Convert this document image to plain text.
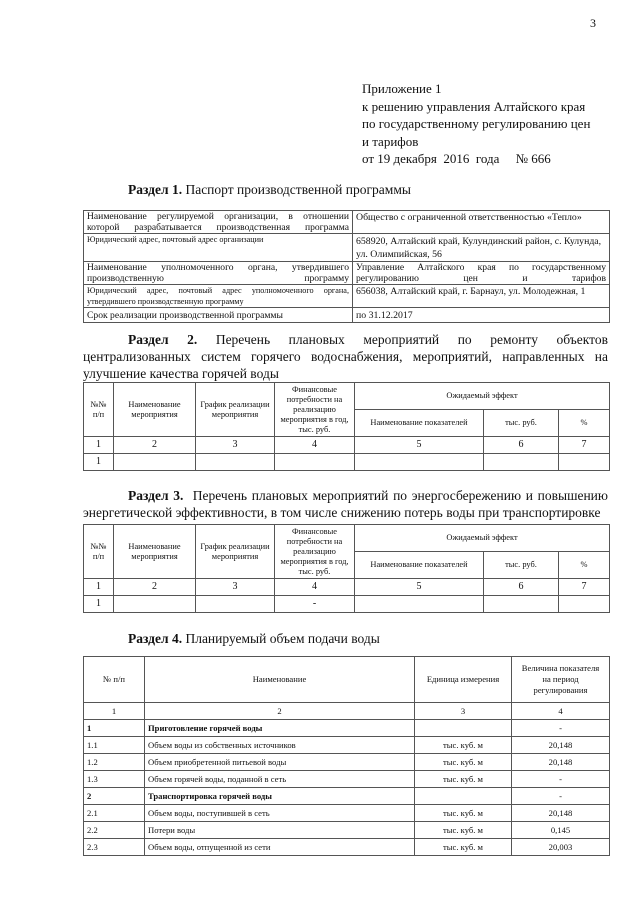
3
Приложение 1
к решению управления Алтайского края
по государственному регулированию цен
и тарифов
от 19 декабря  2016  года     № 666
Раздел 1. Паспорт производственной программы
Наименование регулируемой организации, в отношении которой разрабатывается производственная программа	Общество с ограниченной ответственностью «Тепло»
Юридический адрес, почтовый адрес организации	658920, Алтайский край, Кулундинский район, с. Кулунда, ул. Олимпийская, 56
Наименование уполномоченного органа, утвердившего производственную программу	Управление Алтайского края по государственному регулированию цен и тарифов
Юридический адрес, почтовый адрес уполномоченного органа, утвердившего производственную программу	656038, Алтайский край, г. Барнаул, ул. Молодежная, 1
Срок реализации производственной программы	по 31.12.2017
Раздел 2. Перечень плановых мероприятий по ремонту объектов централизованных систем горячего водоснабжения, мероприятий, направленных на улучшение качества горячей воды
№№ п/п	Наименование мероприятия	График реализации мероприятия	Финансовые потребности на реализацию мероприятия в год, тыс. руб.	Ожидаемый эффект		
				Наименование показателей	тыс. руб.	%
1	2	3	4	5	6	7
1						
Раздел 3.  Перечень плановых мероприятий по энергосбережению и повышению энергетической эффективности, в том числе снижению потерь воды при транспортировке
№№ п/п	Наименование мероприятия	График реализации мероприятия	Финансовые потребности на реализацию мероприятия в год, тыс. руб.	Ожидаемый эффект		
				Наименование показателей	тыс. руб.	%
1	2	3	4	5	6	7
1			-			
Раздел 4. Планируемый объем подачи воды
№ п/п	Наименование	Единица измерения	Величина показателя на период регулирования
1	2	3	4
1	Приготовление горячей воды		-
1.1	Объем воды из собственных источников	тыс. куб. м	20,148
1.2	Объем приобретенной питьевой воды	тыс. куб. м	20,148
1.3	Объем горячей воды, поданной в сеть	тыс. куб. м	-
2	Транспортировка горячей воды		-
2.1	Объем воды, поступившей в сеть	тыс. куб. м	20,148
2.2	Потери воды	тыс. куб. м	0,145
2.3	Объем воды, отпущенной из сети	тыс. куб. м	20,003
